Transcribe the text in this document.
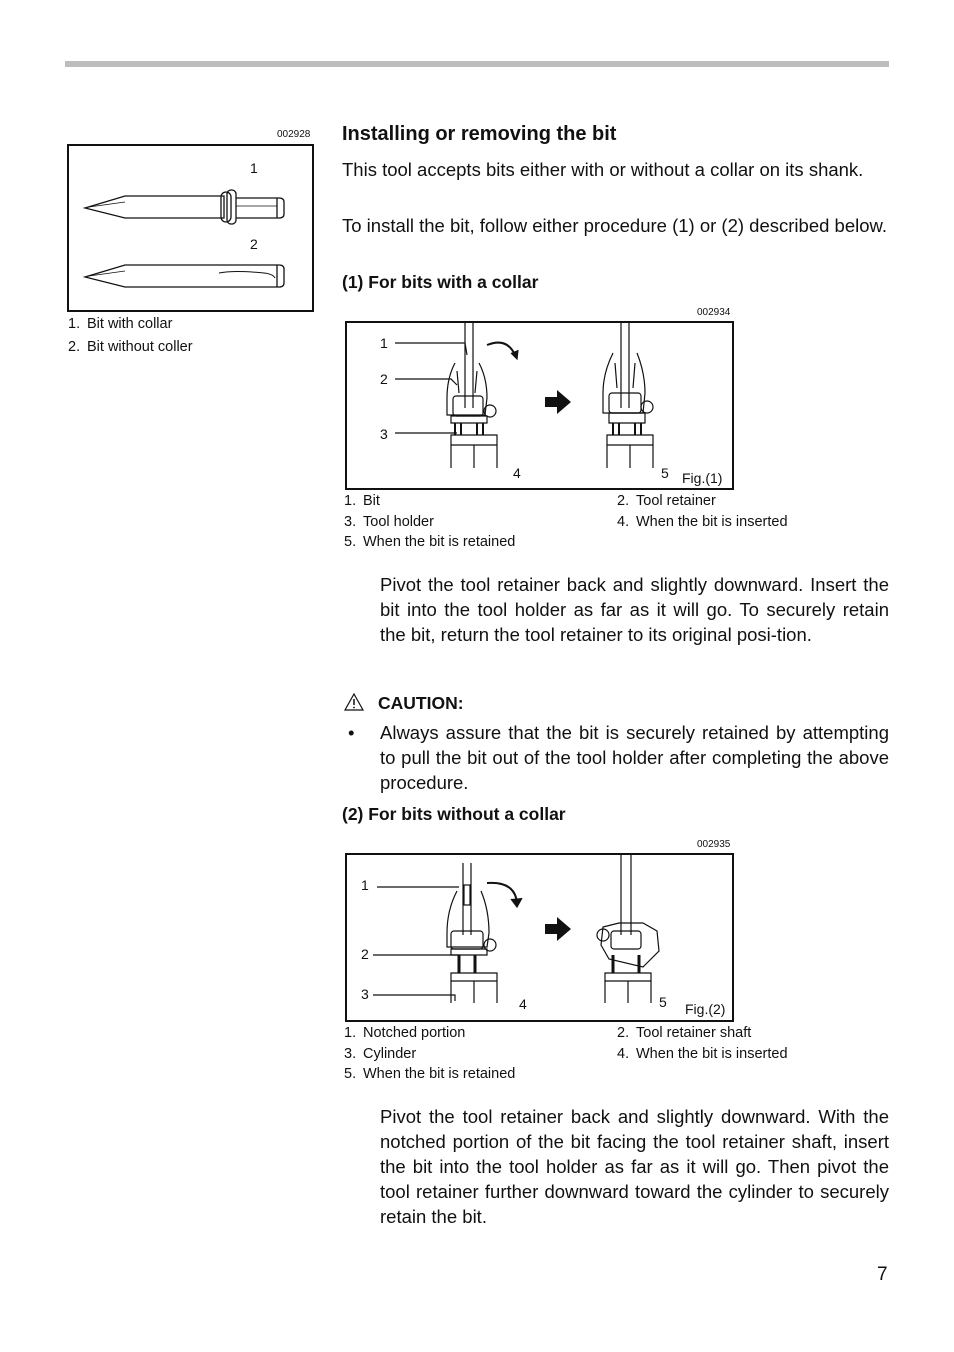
002928
1
2
1. Bit with collar
2. Bit without coller
Installing or removing the bit
This tool accepts bits either with or without a collar on its shank.
To install the bit, follow either procedure (1) or (2) described below.
(1) For bits with a collar
002934
1
2
3
4	5 Fig.(1)
1. Bit	2. Tool retainer
3. Tool holder	4. When the bit is inserted
5. When the bit is retained
Pivot the tool retainer back and slightly downward. Insert the bit into the tool holder as far as it will go. To securely retain the bit, return the tool retainer to its original posi-tion.
CAUTION:
• Always assure that the bit is securely retained by attempting to pull the bit out of the tool holder after completing the above procedure.
(2) For bits without a collar
002935
1
2
3
4	5 Fig.(2)
1. Notched portion	2. Tool retainer shaft
3. Cylinder	4. When the bit is inserted
5. When the bit is retained
Pivot the tool retainer back and slightly downward. With the notched portion of the bit facing the tool retainer shaft, insert the bit into the tool holder as far as it will go. Then pivot the tool retainer further downward toward the cylinder to securely retain the bit.
7
